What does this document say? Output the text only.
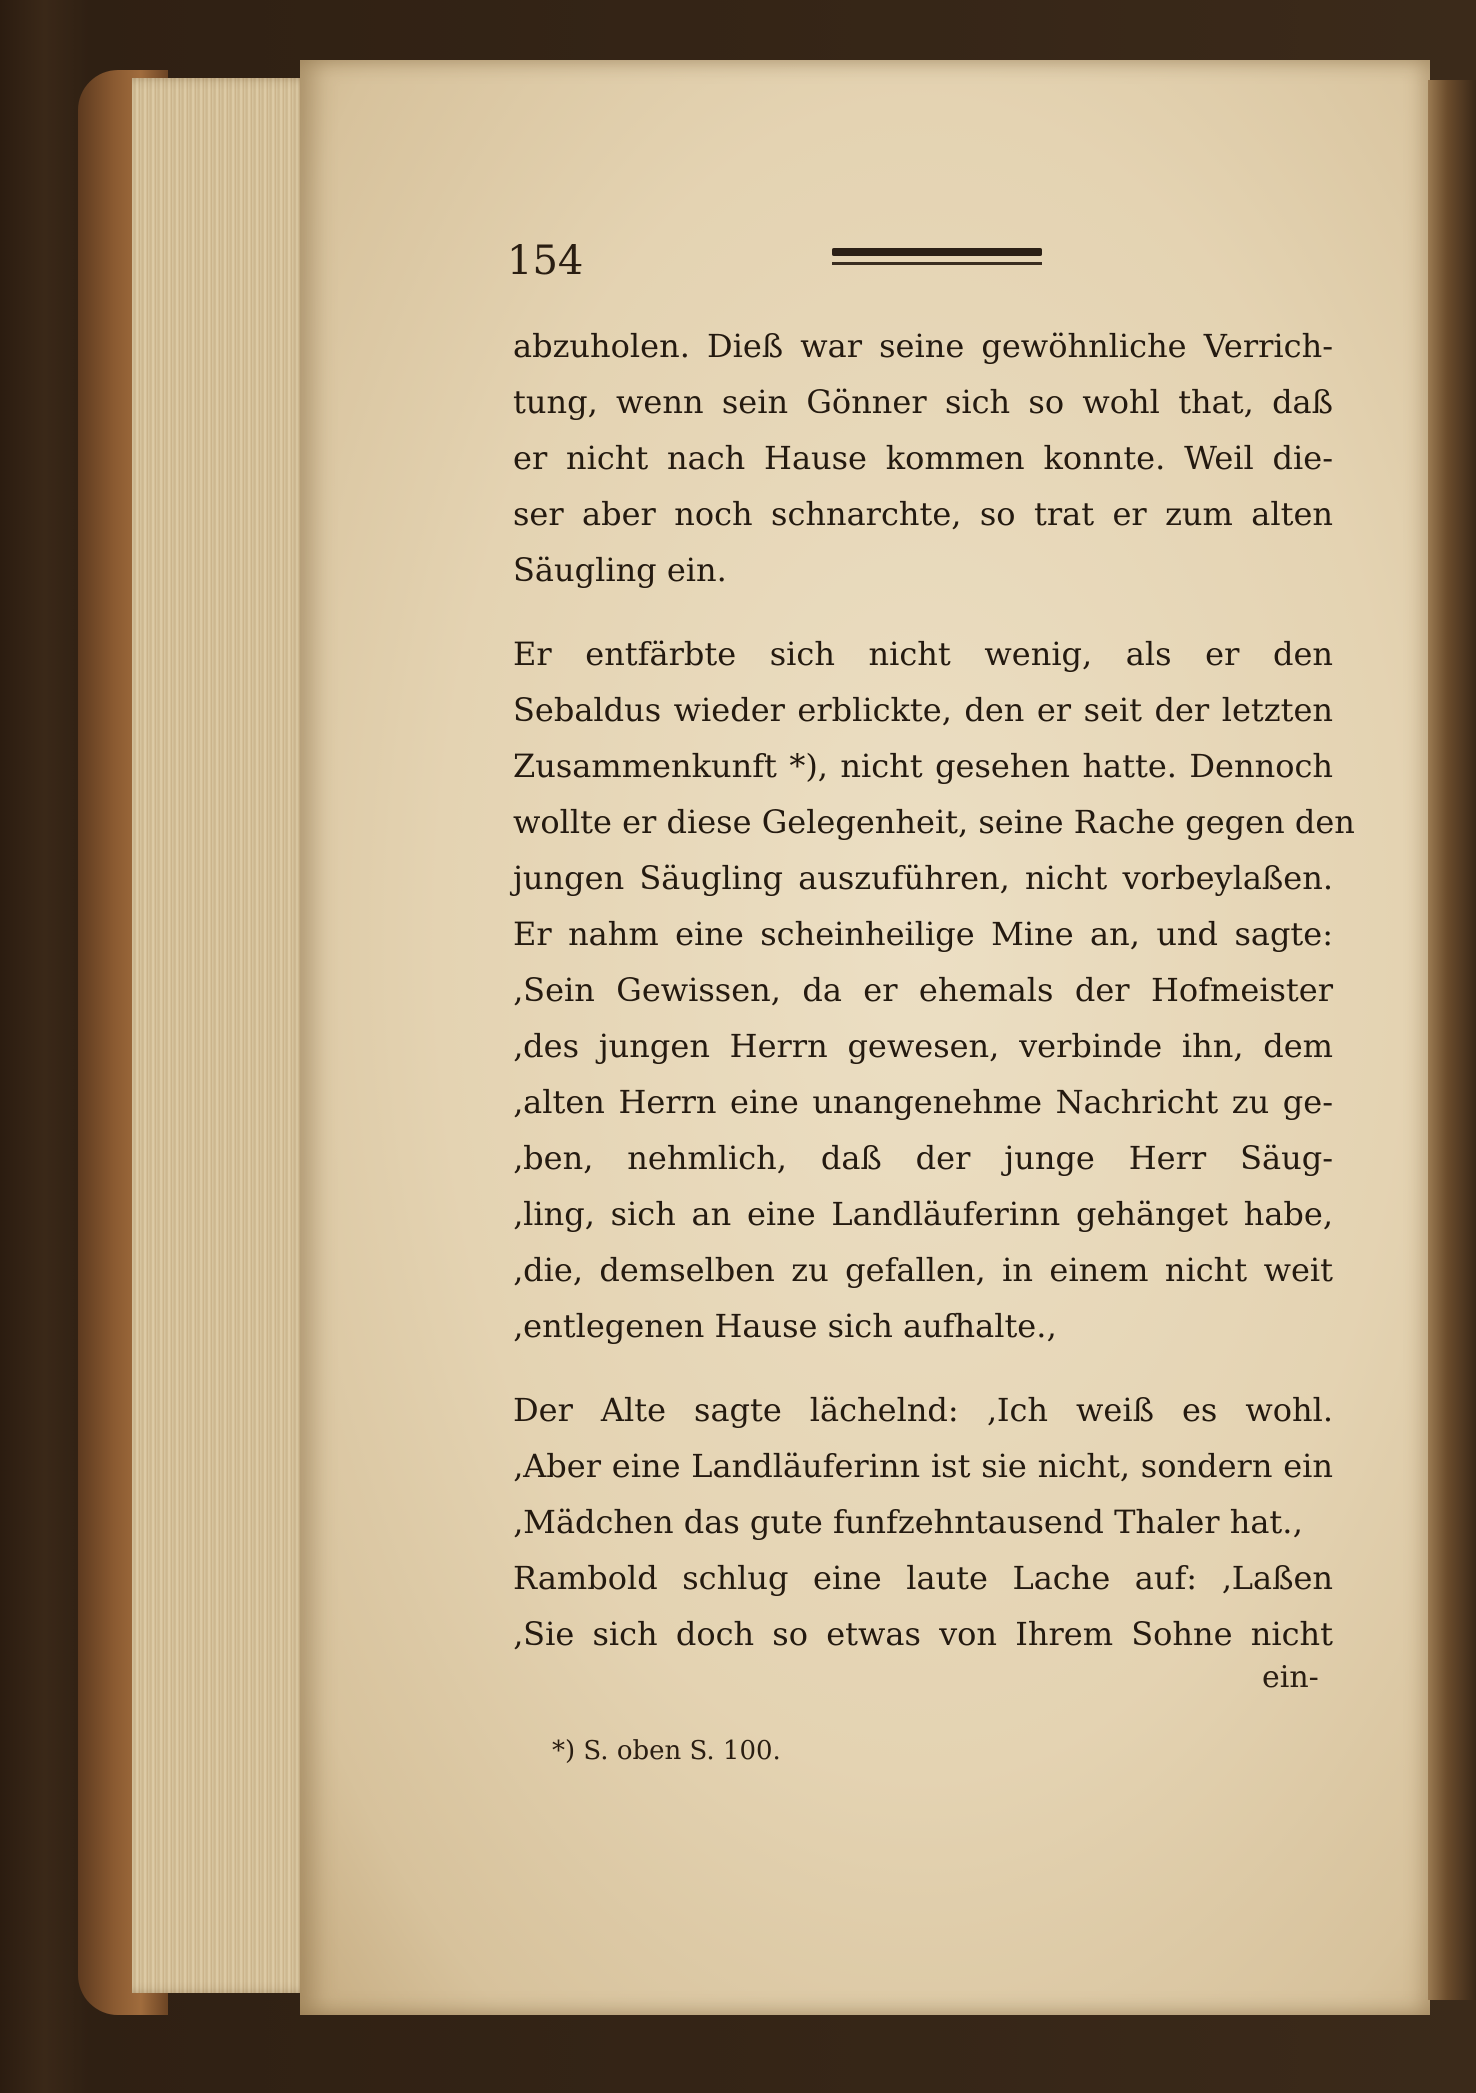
154

abzuholen. Dieß war seine gewöhnliche Verrich-
tung, wenn sein Gönner sich so wohl that, daß
er nicht nach Hause kommen konnte. Weil die-
ser aber noch schnarchte, so trat er zum alten
Säugling ein.

Er entfärbte sich nicht wenig, als er den
Sebaldus wieder erblickte, den er seit der letzten
Zusammenkunft *), nicht gesehen hatte. Dennoch
wollte er diese Gelegenheit, seine Rache gegen den
jungen Säugling auszuführen, nicht vorbeylaßen.
Er nahm eine scheinheilige Mine an, und sagte:
‚Sein Gewissen, da er ehemals der Hofmeister
‚des jungen Herrn gewesen, verbinde ihn, dem
‚alten Herrn eine unangenehme Nachricht zu ge-
‚ben, nehmlich, daß der junge Herr Säug-
‚ling, sich an eine Landläuferinn gehänget habe,
‚die, demselben zu gefallen, in einem nicht weit
‚entlegenen Hause sich aufhalte.‚

Der Alte sagte lächelnd: ‚Ich weiß es wohl.
‚Aber eine Landläuferinn ist sie nicht, sondern ein
‚Mädchen das gute funfzehntausend Thaler hat.‚
Rambold schlug eine laute Lache auf: ‚Laßen
‚Sie sich doch so etwas von Ihrem Sohne nicht

ein-
*) S. oben S. 100.
